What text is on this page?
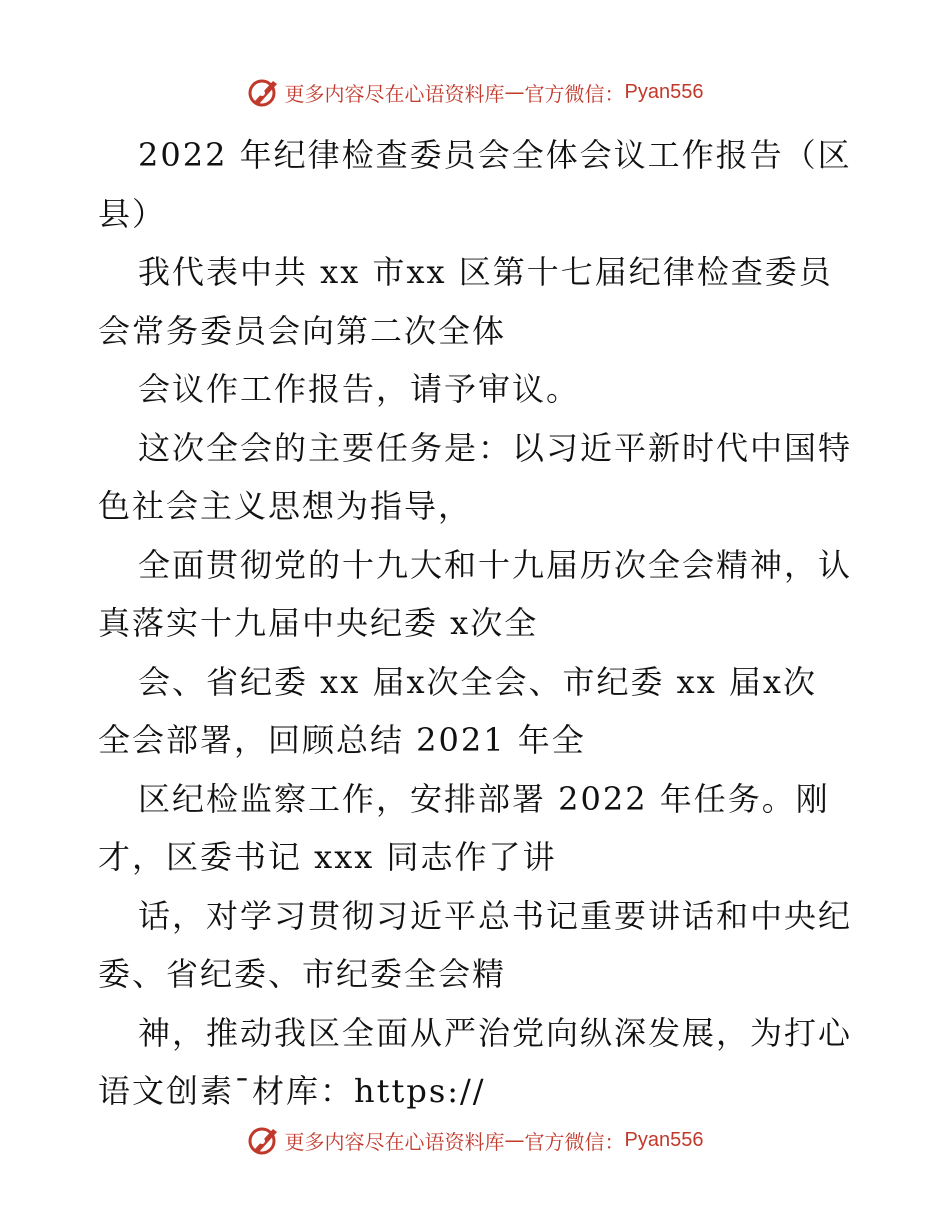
更多内容尽在心语资料库 — 官方微信： Pyan556
2022 年纪律检查委员会全体会议工作报告（区
县）
我代表中共 xx 市xx 区第十七届纪律检查委员
会常务委员会向第二次全体
会议作工作报告，请予审议。
这次全会的主要任务是：以习近平新时代中国特
色社会主义思想为指导，
全面贯彻党的十九大和十九届历次全会精神，认
真落实十九届中央纪委 x次全
会、省纪委 xx 届x次全会、市纪委 xx 届x次
全会部署，回顾总结 2021 年全
区纪检监察工作，安排部署 2022 年任务。刚
才，区委书记 xxx 同志作了讲
话，对学习贯彻习近平总书记重要讲话和中央纪
委、省纪委、市纪委全会精
神，推动我区全面从严治党向纵深发展，为打心
语文创素¯材库：https://
更多内容尽在心语资料库 — 官方微信： Pyan556
